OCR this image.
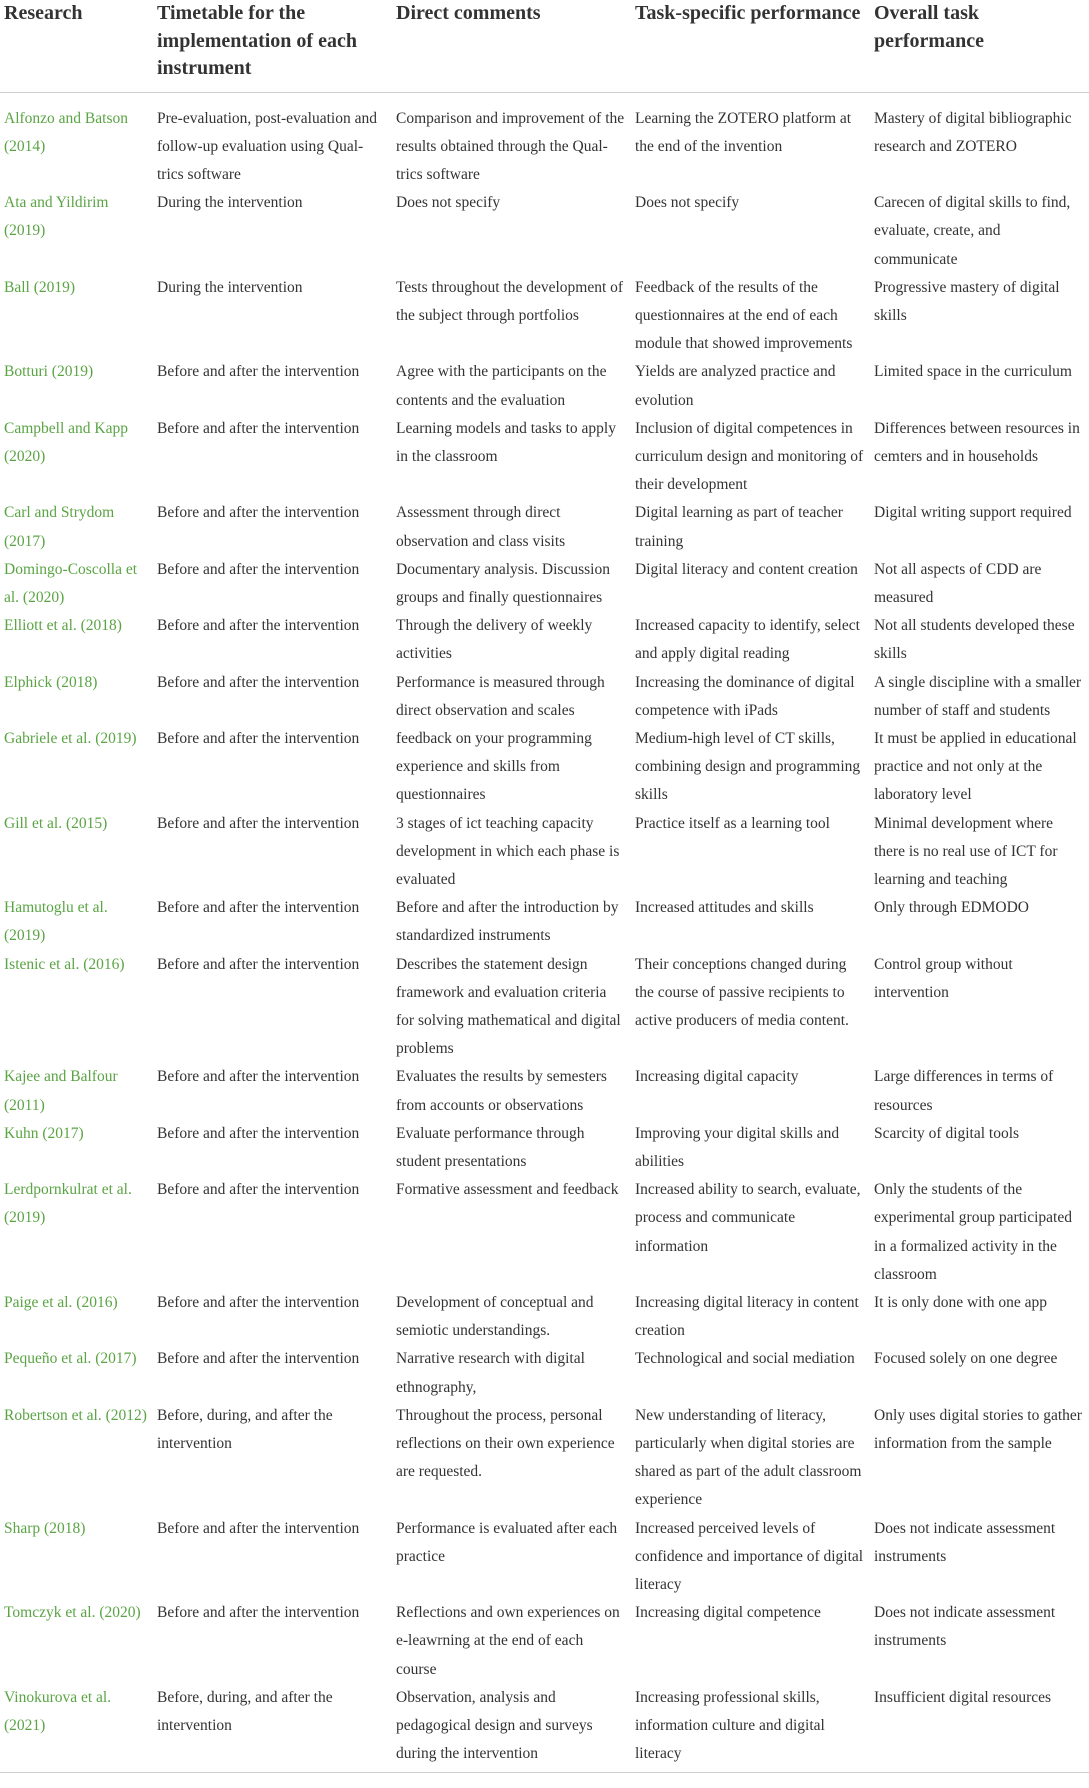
Research	Timetable for the implementation of each instrument	Direct comments	Task-specific performance	Overall task performance
Alfonzo and Batson (2014)	Pre-evaluation, post-evaluation and follow-up evaluation using Qual-trics software	Comparison and improvement of the results obtained through the Qual-trics software	Learning the ZOTERO platform at the end of the invention	Mastery of digital bibliographic research and ZOTERO
Ata and Yildirim (2019)	During the intervention	Does not specify	Does not specify	Carecen of digital skills to find, evaluate, create, and communicate
Ball (2019)	During the intervention	Tests throughout the development of the subject through portfolios	Feedback of the results of the questionnaires at the end of each module that showed improvements	Progressive mastery of digital skills
Botturi (2019)	Before and after the intervention	Agree with the participants on the contents and the evaluation	Yields are analyzed practice and evolution	Limited space in the curriculum
Campbell and Kapp (2020)	Before and after the intervention	Learning models and tasks to apply in the classroom	Inclusion of digital competences in curriculum design and monitoring of their development	Differences between resources in cemters and in households
Carl and Strydom (2017)	Before and after the intervention	Assessment through direct observation and class visits	Digital learning as part of teacher training	Digital writing support required
Domingo-Coscolla et al. (2020)	Before and after the intervention	Documentary analysis. Discussion groups and finally questionnaires	Digital literacy and content creation	Not all aspects of CDD are measured
Elliott et al. (2018)	Before and after the intervention	Through the delivery of weekly activities	Increased capacity to identify, select and apply digital reading	Not all students developed these skills
Elphick (2018)	Before and after the intervention	Performance is measured through direct observation and scales	Increasing the dominance of digital competence with iPads	A single discipline with a smaller number of staff and students
Gabriele et al. (2019)	Before and after the intervention	feedback on your programming experience and skills from questionnaires	Medium-high level of CT skills, combining design and programming skills	It must be applied in educational practice and not only at the laboratory level
Gill et al. (2015)	Before and after the intervention	3 stages of ict teaching capacity development in which each phase is evaluated	Practice itself as a learning tool	Minimal development where there is no real use of ICT for learning and teaching
Hamutoglu et al. (2019)	Before and after the intervention	Before and after the introduction by standardized instruments	Increased attitudes and skills	Only through EDMODO
Istenic et al. (2016)	Before and after the intervention	Describes the statement design framework and evaluation criteria for solving mathematical and digital problems	Their conceptions changed during the course of passive recipients to active producers of media content.	Control group without intervention
Kajee and Balfour (2011)	Before and after the intervention	Evaluates the results by semesters from accounts or observations	Increasing digital capacity	Large differences in terms of resources
Kuhn (2017)	Before and after the intervention	Evaluate performance through student presentations	Improving your digital skills and abilities	Scarcity of digital tools
Lerdpornkulrat et al. (2019)	Before and after the intervention	Formative assessment and feedback	Increased ability to search, evaluate, process and communicate information	Only the students of the experimental group participated in a formalized activity in the classroom
Paige et al. (2016)	Before and after the intervention	Development of conceptual and semiotic understandings.	Increasing digital literacy in content creation	It is only done with one app
Pequeño et al. (2017)	Before and after the intervention	Narrative research with digital ethnography,	Technological and social mediation	Focused solely on one degree
Robertson et al. (2012)	Before, during, and after the intervention	Throughout the process, personal reflections on their own experience are requested.	New understanding of literacy, particularly when digital stories are shared as part of the adult classroom experience	Only uses digital stories to gather information from the sample
Sharp (2018)	Before and after the intervention	Performance is evaluated after each practice	Increased perceived levels of confidence and importance of digital literacy	Does not indicate assessment instruments
Tomczyk et al. (2020)	Before and after the intervention	Reflections and own experiences on e-leawrning at the end of each course	Increasing digital competence	Does not indicate assessment instruments
Vinokurova et al. (2021)	Before, during, and after the intervention	Observation, analysis and pedagogical design and surveys during the intervention	Increasing professional skills, information culture and digital literacy	Insufficient digital resources
